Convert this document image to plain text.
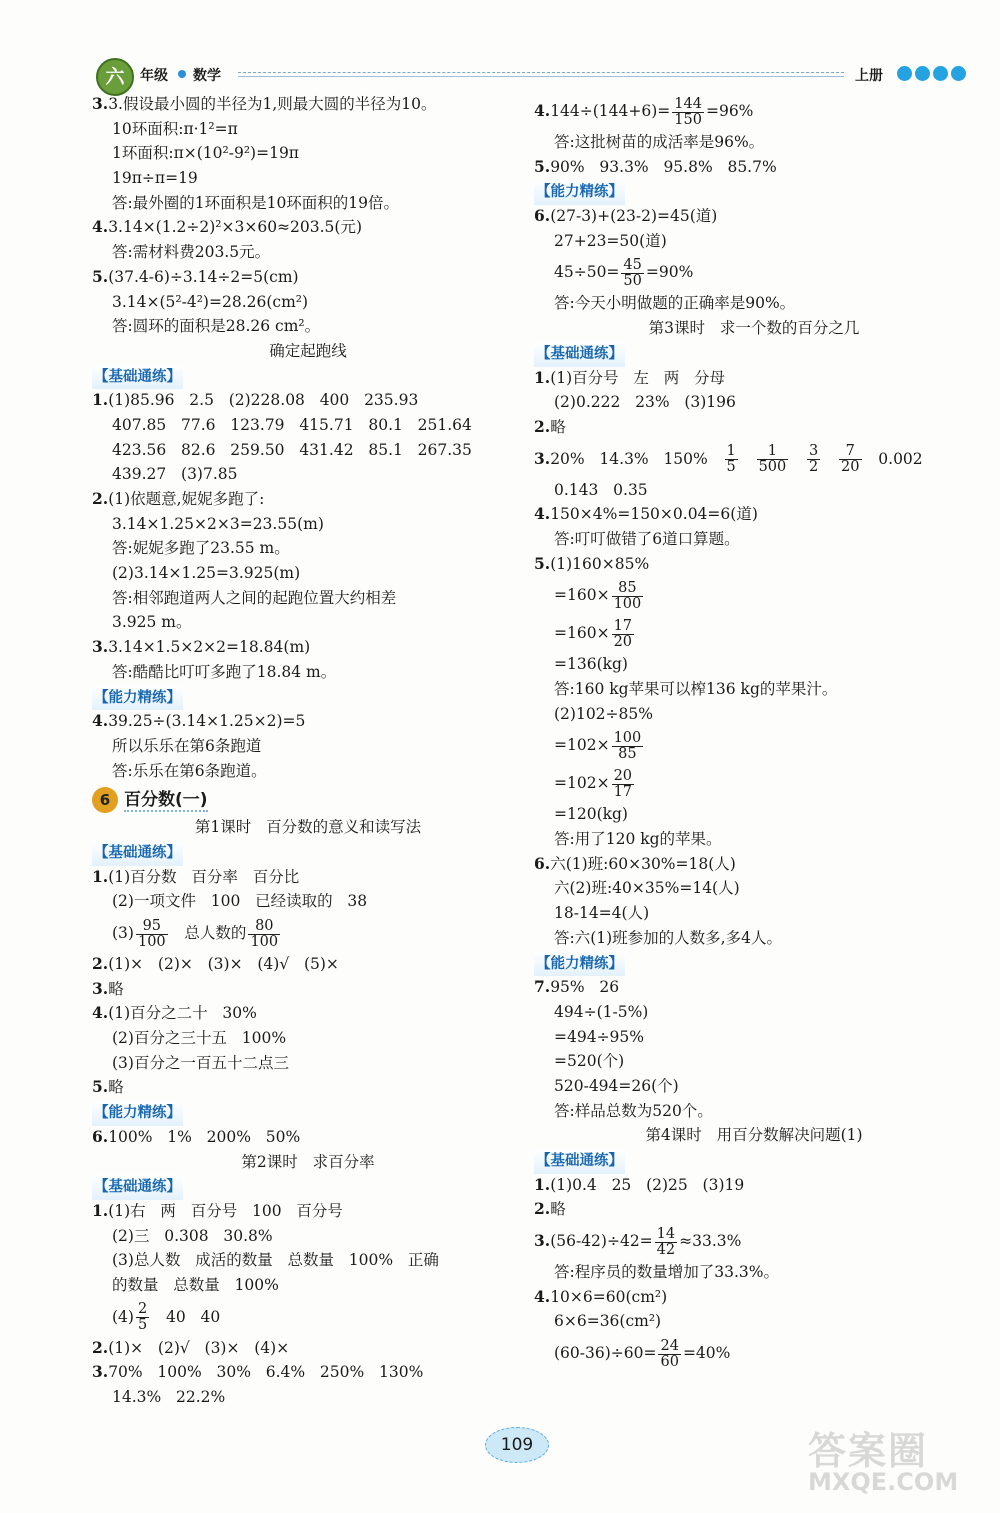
六	年级 数学	上册
3.3.假设最小圆的半径为1,则最大圆的半径为10。
10环面积:π·1²=π
1环面积:π×(10²-9²)=19π
19π÷π=19
答:最外圈的1环面积是10环面积的19倍。
4.3.14×(1.2÷2)²×3×60≈203.5(元)
答:需材料费203.5元。
5.(37.4-6)÷3.14÷2=5(cm)
3.14×(5²-4²)=28.26(cm²)
答:圆环的面积是28.26 cm²。
确定起跑线
【基础通练】
1.(1)85.96   2.5   (2)228.08   400   235.93
407.85   77.6   123.79   415.71   80.1   251.64
423.56   82.6   259.50   431.42   85.1   267.35
439.27   (3)7.85
2.(1)依题意,妮妮多跑了:
3.14×1.25×2×3=23.55(m)
答:妮妮多跑了23.55 m。
(2)3.14×1.25=3.925(m)
答:相邻跑道两人之间的起跑位置大约相差
3.925 m。
3.3.14×1.5×2×2=18.84(m)
答:酷酷比叮叮多跑了18.84 m。
【能力精练】
4.39.25÷(3.14×1.25×2)=5
所以乐乐在第6条跑道
答:乐乐在第6条跑道。
6 百分数(一)
第1课时   百分数的意义和读写法
【基础通练】
1.(1)百分数   百分率   百分比
(2)一项文件   100   已经读取的   38
$(3) \frac{95}{100}$ 总人数的 $\frac{80}{100}$
2.(1)×   (2)×   (3)×   (4)√   (5)×
3.略
4.(1)百分之二十   30%
(2)百分之三十五   100%
(3)百分之一百五十二点三
5.略
【能力精练】
6.100%   1%   200%   50%
第2课时   求百分率
【基础通练】
1.(1)右   两   百分号   100   百分号
(2)三   0.308   30.8%
(3)总人数   成活的数量   总数量   100%   正确
的数量   总数量   100%
$(4) \frac{2}{5} 40$   40
2.(1)×   (2)√   (3)×   (4)×
3.70%   100%   30%   6.4%   250%   130%
14.3%   22.2%
$4.144\div(144+6)= \frac{144}{150} =96\%$
答:这批树苗的成活率是96%。
5.90%   93.3%   95.8%   85.7%
【能力精练】
6.(27-3)+(23-2)=45(道)
27+23=50(道)
$45\div 50= \frac{45}{50} =90\%$
答:今天小明做题的正确率是90%。
第3课时   求一个数的百分之几
【基础通练】
1.(1)百分号   左   两   分母
(2)0.222   23%   (3)196
2.略
3.20%   14.3%   $150\% \frac{1}{5}$
$\frac{1}{500}$
$\frac{3}{2}$
$\frac{7}{20} 0.002$
0.143   0.35
4.150×4%=150×0.04=6(道)
答:叮叮做错了6道口算题。
5.(1)160×85%
$=160\times \frac{85}{100}$
$=160\times \frac{17}{20}$
=136(kg)
答:160 kg苹果可以榨136 kg的苹果汁。
(2)102÷85%
$=102\times \frac{100}{85}$
$=102\times \frac{20}{17}$
=120(kg)
答:用了120 kg的苹果。
6.六(1)班:60×30%=18(人)
六(2)班:40×35%=14(人)
18-14=4(人)
答:六(1)班参加的人数多,多4人。
【能力精练】
7.95%   26
494÷(1-5%)
=494÷95%
=520(个)
520-494=26(个)
答:样品总数为520个。
第4课时   用百分数解决问题(1)
【基础通练】
1.(1)0.4   25   (2)25   (3)19
2.略
$3.(56-42)\div 42= \frac{14}{42} \approx 33.3\%$
答:程序员的数量增加了33.3%。
4.10×6=60(cm²)
6×6=36(cm²)
$(60-36)\div 60= \frac{24}{60} =40\%$
109	答案圈
MXQE.COM
